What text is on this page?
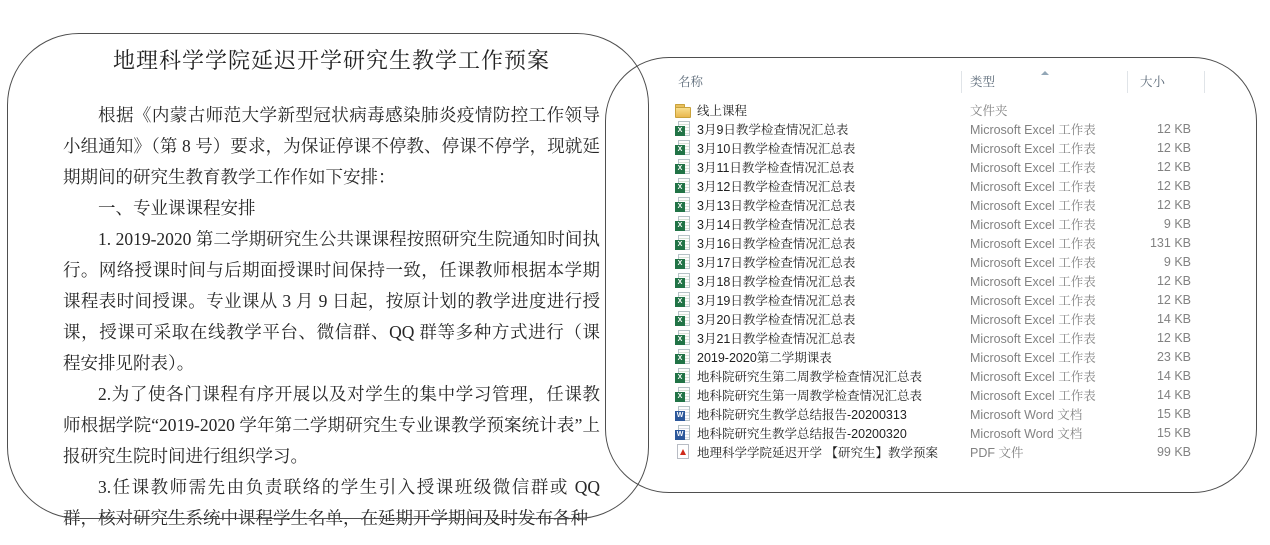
地理科学学院延迟开学研究生教学工作预案

根据《内蒙古师范大学新型冠状病毒感染肺炎疫情防控工作领导小组通知》（第 8 号）要求，为保证停课不停教、停课不停学，现就延期期间的研究生教育教学工作作如下安排：

一、专业课课程安排

1. 2019-2020 第二学期研究生公共课课程按照研究生院通知时间执行。网络授课时间与后期面授课时间保持一致，任课教师根据本学期课程表时间授课。专业课从 3 月 9 日起，按原计划的教学进度进行授课，授课可采取在线教学平台、微信群、QQ 群等多种方式进行（课程安排见附表）。

2.为了使各门课程有序开展以及对学生的集中学习管理，任课教师根据学院“2019-2020 学年第二学期研究生专业课教学预案统计表”上报研究生院时间进行组织学习。

3.任课教师需先由负责联络的学生引入授课班级微信群或 QQ 群，核对研究生系统中课程学生名单，在延期开学期间及时发布各种

名称	类型	大小
线上课程	文件夹
X 3月9日教学检查情况汇总表	Microsoft Excel 工作表	12 KB
X 3月10日教学检查情况汇总表	Microsoft Excel 工作表	12 KB
X 3月11日教学检查情况汇总表	Microsoft Excel 工作表	12 KB
X 3月12日教学检查情况汇总表	Microsoft Excel 工作表	12 KB
X 3月13日教学检查情况汇总表	Microsoft Excel 工作表	12 KB
X 3月14日教学检查情况汇总表	Microsoft Excel 工作表	9 KB
X 3月16日教学检查情况汇总表	Microsoft Excel 工作表	131 KB
X 3月17日教学检查情况汇总表	Microsoft Excel 工作表	9 KB
X 3月18日教学检查情况汇总表	Microsoft Excel 工作表	12 KB
X 3月19日教学检查情况汇总表	Microsoft Excel 工作表	12 KB
X 3月20日教学检查情况汇总表	Microsoft Excel 工作表	14 KB
X 3月21日教学检查情况汇总表	Microsoft Excel 工作表	12 KB
X 2019-2020第二学期课表	Microsoft Excel 工作表	23 KB
X 地科院研究生第二周教学检查情况汇总表	Microsoft Excel 工作表	14 KB
X 地科院研究生第一周教学检查情况汇总表	Microsoft Excel 工作表	14 KB
W 地科院研究生教学总结报告-20200313	Microsoft Word 文档	15 KB
W 地科院研究生教学总结报告-20200320	Microsoft Word 文档	15 KB
地理科学学院延迟开学 【研究生】教学预案	PDF 文件	99 KB
